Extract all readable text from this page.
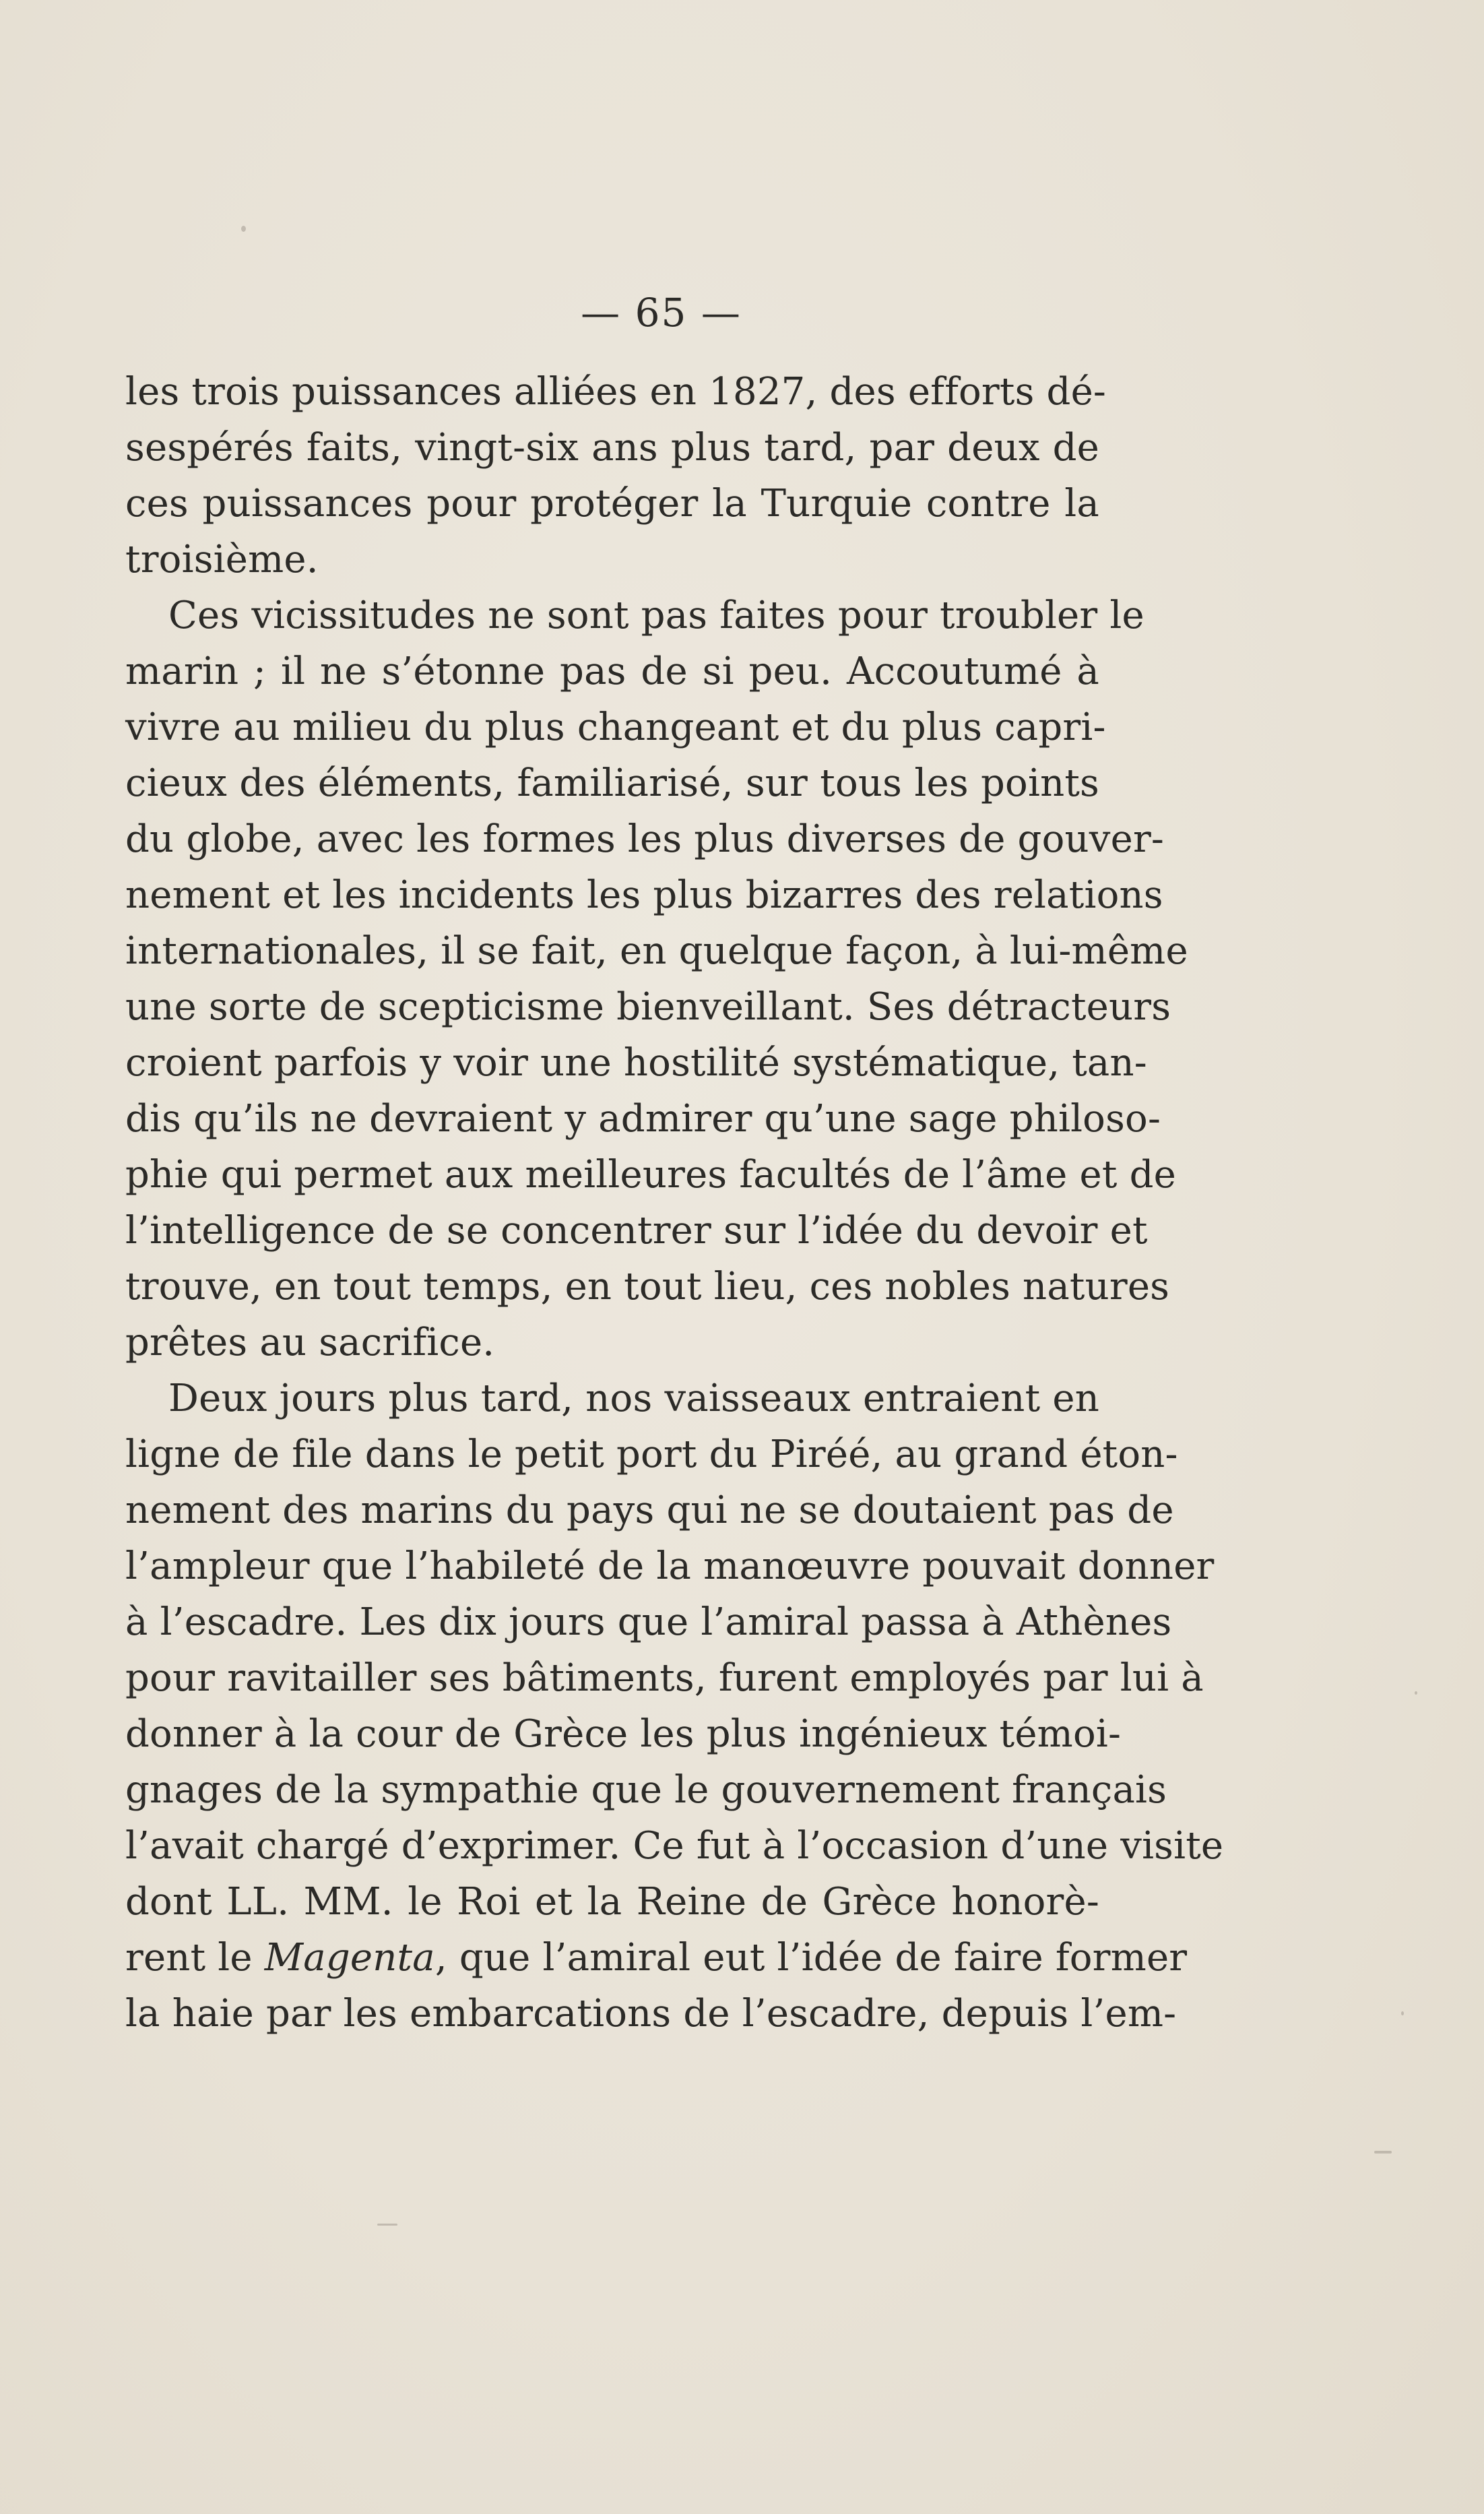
— 65 —
les trois puissances alliées en 1827, des efforts dé-
sespérés faits, vingt-six ans plus tard, par deux de
ces puissances pour protéger la Turquie contre la
troisième.
Ces vicissitudes ne sont pas faites pour troubler le
marin ; il ne s’étonne pas de si peu. Accoutumé à
vivre au milieu du plus changeant et du plus capri-
cieux des éléments, familiarisé, sur tous les points
du globe, avec les formes les plus diverses de gouver-
nement et les incidents les plus bizarres des relations
internationales, il se fait, en quelque façon, à lui-même
une sorte de scepticisme bienveillant. Ses détracteurs
croient parfois y voir une hostilité systématique, tan-
dis qu’ils ne devraient y admirer qu’une sage philoso-
phie qui permet aux meilleures facultés de l’âme et de
l’intelligence de se concentrer sur l’idée du devoir et
trouve, en tout temps, en tout lieu, ces nobles natures
prêtes au sacrifice.
Deux jours plus tard, nos vaisseaux entraient en
ligne de file dans le petit port du Piréé, au grand éton-
nement des marins du pays qui ne se doutaient pas de
l’ampleur que l’habileté de la manœuvre pouvait donner
à l’escadre. Les dix jours que l’amiral passa à Athènes
pour ravitailler ses bâtiments, furent employés par lui à
donner à la cour de Grèce les plus ingénieux témoi-
gnages de la sympathie que le gouvernement français
l’avait chargé d’exprimer. Ce fut à l’occasion d’une visite
dont LL. MM. le Roi et la Reine de Grèce honorè-
rent le Magenta, que l’amiral eut l’idée de faire former
la haie par les embarcations de l’escadre, depuis l’em-
